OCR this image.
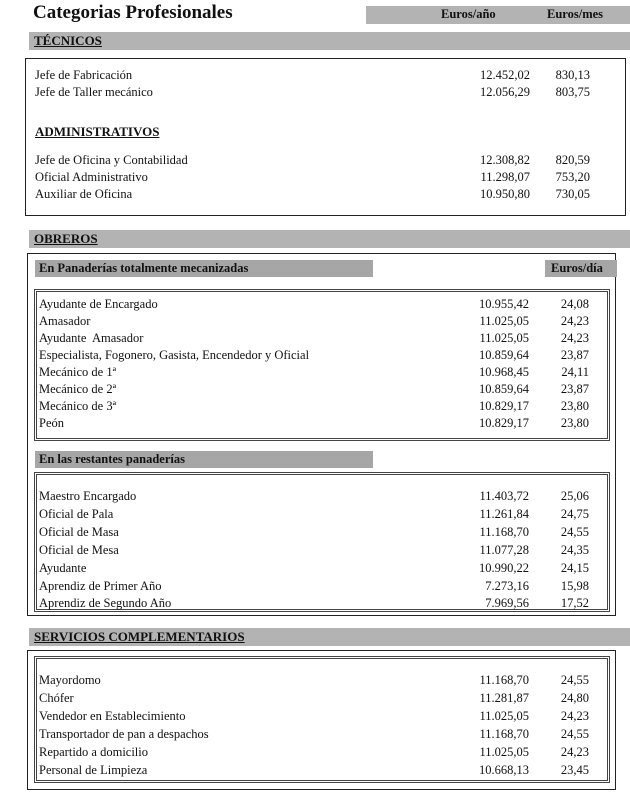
Categorias Profesionales	Euros/año	Euros/mes
TÉCNICOS
Jefe de Fabricación	12.452,02	830,13
Jefe de Taller mecánico	12.056,29	803,75
ADMINISTRATIVOS
Jefe de Oficina y Contabilidad	12.308,82	820,59
Oficial Administrativo	11.298,07	753,20
Auxiliar de Oficina	10.950,80	730,05
OBREROS
En Panaderías totalmente mecanizadas	Euros/día
Ayudante de Encargado	10.955,42	24,08
Amasador	11.025,05	24,23
Ayudante  Amasador	11.025,05	24,23
Especialista, Fogonero, Gasista, Encendedor y Oficial	10.859,64	23,87
Mecánico de 1ª	10.968,45	24,11
Mecánico de 2ª	10.859,64	23,87
Mecánico de 3ª	10.829,17	23,80
Peón	10.829,17	23,80
En las restantes panaderías
Maestro Encargado	11.403,72	25,06
Oficial de Pala	11.261,84	24,75
Oficial de Masa	11.168,70	24,55
Oficial de Mesa	11.077,28	24,35
Ayudante	10.990,22	24,15
Aprendiz de Primer Año	7.273,16	15,98
Aprendiz de Segundo Año	7.969,56	17,52
SERVICIOS COMPLEMENTARIOS
Mayordomo	11.168,70	24,55
Chófer	11.281,87	24,80
Vendedor en Establecimiento	11.025,05	24,23
Transportador de pan a despachos	11.168,70	24,55
Repartido a domicilio	11.025,05	24,23
Personal de Limpieza	10.668,13	23,45
